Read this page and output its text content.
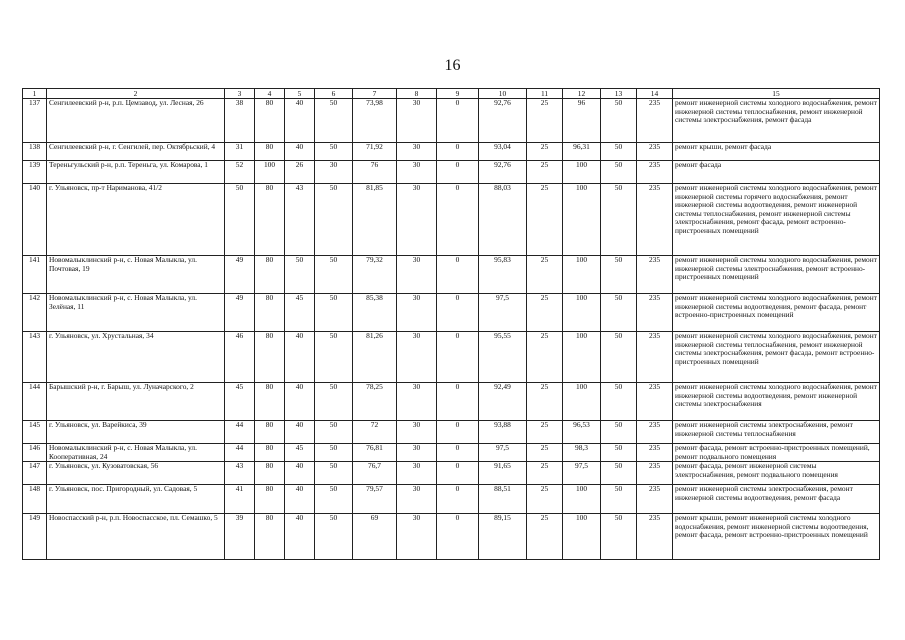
16
1	2	3	4	5	6	7	8	9	10	11	12	13	14	15
137	Сенгилеевский р-н, р.п. Цемзавод, ул. Лесная, 26	38	80	40	50	73,98	30	0	92,76	25	96	50	235	ремонт инженерной системы холодного водоснабжения, ремонт инженерной системы теплоснабжения, ремонт инженерной системы электроснабжения, ремонт фасада
138	Сенгилеевский р-н, г. Сенгилей, пер. Октябрьский, 4	31	80	40	50	71,92	30	0	93,04	25	96,31	50	235	ремонт крыши, ремонт фасада
139	Тереньгульский р-н, р.п. Тереньга, ул. Комарова, 1	52	100	26	30	76	30	0	92,76	25	100	50	235	ремонт фасада
140	г. Ульяновск, пр-т Нариманова, 41/2	50	80	43	50	81,85	30	0	88,03	25	100	50	235	ремонт инженерной системы холодного водоснабжения, ремонт инженерной системы горячего водоснабжения, ремонт инженерной системы водоотведения, ремонт инженерной системы теплоснабжения, ремонт инженерной системы электроснабжения, ремонт фасада, ремонт встроенно-пристроенных помещений
141	Новомалыклинский р-н, с. Новая Малыкла, ул. Почтовая, 19	49	80	50	50	79,32	30	0	95,83	25	100	50	235	ремонт инженерной системы холодного водоснабжения, ремонт инженерной системы электроснабжения, ремонт встроенно-пристроенных помещений
142	Новомалыклинский р-н, с. Новая Малыкла, ул. Зелёная, 11	49	80	45	50	85,38	30	0	97,5	25	100	50	235	ремонт инженерной системы холодного водоснабжения, ремонт инженерной системы водоотведения, ремонт фасада, ремонт встроенно-пристроенных помещений
143	г. Ульяновск, ул. Хрустальная, 34	46	80	40	50	81,26	30	0	95,55	25	100	50	235	ремонт инженерной системы холодного водоснабжения, ремонт инженерной системы теплоснабжения, ремонт инженерной системы электроснабжения, ремонт фасада, ремонт встроенно-пристроенных помещений
144	Барышский р-н, г. Барыш, ул. Луначарского, 2	45	80	40	50	78,25	30	0	92,49	25	100	50	235	ремонт инженерной системы холодного водоснабжения, ремонт инженерной системы водоотведения, ремонт инженерной системы электроснабжения
145	г. Ульяновск, ул. Варейкиса, 39	44	80	40	50	72	30	0	93,88	25	96,53	50	235	ремонт инженерной системы электроснабжения, ремонт инженерной системы теплоснабжения
146	Новомалыклинский р-н, с. Новая Малыкла, ул. Кооперативная, 24	44	80	45	50	76,81	30	0	97,5	25	98,3	50	235	ремонт фасада, ремонт встроенно-пристроенных помещений, ремонт подвального помещения
147	г. Ульяновск, ул. Кузоватовская, 56	43	80	40	50	76,7	30	0	91,65	25	97,5	50	235	ремонт фасада, ремонт инженерной системы электроснабжения, ремонт подвального помещения
148	г. Ульяновск, пос. Пригородный, ул. Садовая, 5	41	80	40	50	79,57	30	0	88,51	25	100	50	235	ремонт инженерной системы электроснабжения, ремонт инженерной системы водоотведения, ремонт фасада
149	Новоспасский р-н, р.п. Новоспасское, пл. Семашко, 5	39	80	40	50	69	30	0	89,15	25	100	50	235	ремонт крыши, ремонт инженерной системы холодного водоснабжения, ремонт инженерной системы водоотведения, ремонт фасада, ремонт встроенно-пристроенных помещений
